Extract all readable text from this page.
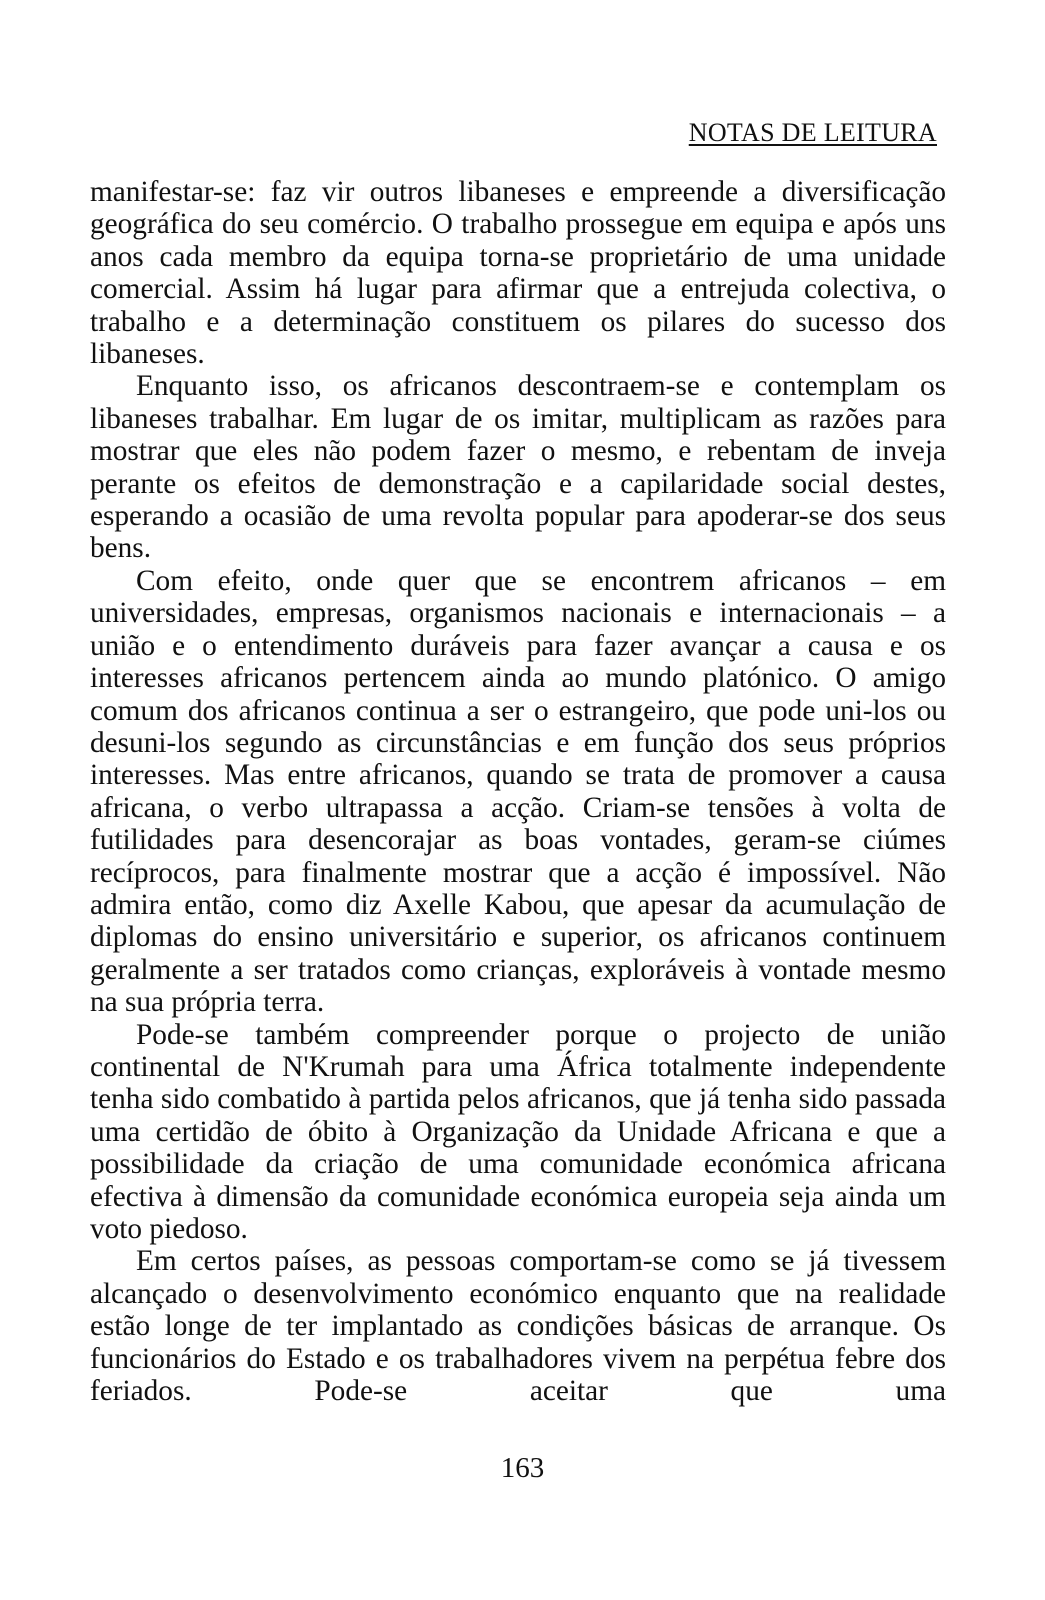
NOTAS DE LEITURA

manifestar-se: faz vir outros libaneses e empreende a diversificação geográfica do seu comércio. O trabalho prossegue em equipa e após uns anos cada membro da equipa torna-se proprietário de uma unidade comercial. Assim há lugar para afirmar que a entrejuda colectiva, o trabalho e a determinação constituem os pilares do sucesso dos libaneses.

Enquanto isso, os africanos descontraem-se e contemplam os libaneses trabalhar. Em lugar de os imitar, multiplicam as razões para mostrar que eles não podem fazer o mesmo, e rebentam de inveja perante os efeitos de demonstração e a capilaridade social destes, esperando a ocasião de uma revolta popular para apoderar-se dos seus bens.

Com efeito, onde quer que se encontrem africanos – em universidades, empresas, organismos nacionais e internacionais – a união e o entendimento duráveis para fazer avançar a causa e os interesses africanos pertencem ainda ao mundo platónico. O amigo comum dos africanos continua a ser o estrangeiro, que pode uni-los ou desuni-los segundo as circunstâncias e em função dos seus próprios interesses. Mas entre africanos, quando se trata de promover a causa africana, o verbo ultrapassa a acção. Criam-se tensões à volta de futilidades para desencorajar as boas vontades, geram-se ciúmes recíprocos, para finalmente mostrar que a acção é impossível. Não admira então, como diz Axelle Kabou, que apesar da acumulação de diplomas do ensino universitário e superior, os africanos continuem geralmente a ser tratados como crianças, exploráveis à vontade mesmo na sua própria terra.

Pode-se também compreender porque o projecto de união continental de N'Krumah para uma África totalmente independente tenha sido combatido à partida pelos africanos, que já tenha sido passada uma certidão de óbito à Organização da Unidade Africana e que a possibilidade da criação de uma comunidade económica africana efectiva à dimensão da comunidade económica europeia seja ainda um voto piedoso.

Em certos países, as pessoas comportam-se como se já tivessem alcançado o desenvolvimento económico enquanto que na realidade estão longe de ter implantado as condições básicas de arranque. Os funcionários do Estado e os trabalhadores vivem na perpétua febre dos feriados. Pode-se aceitar que uma

163
